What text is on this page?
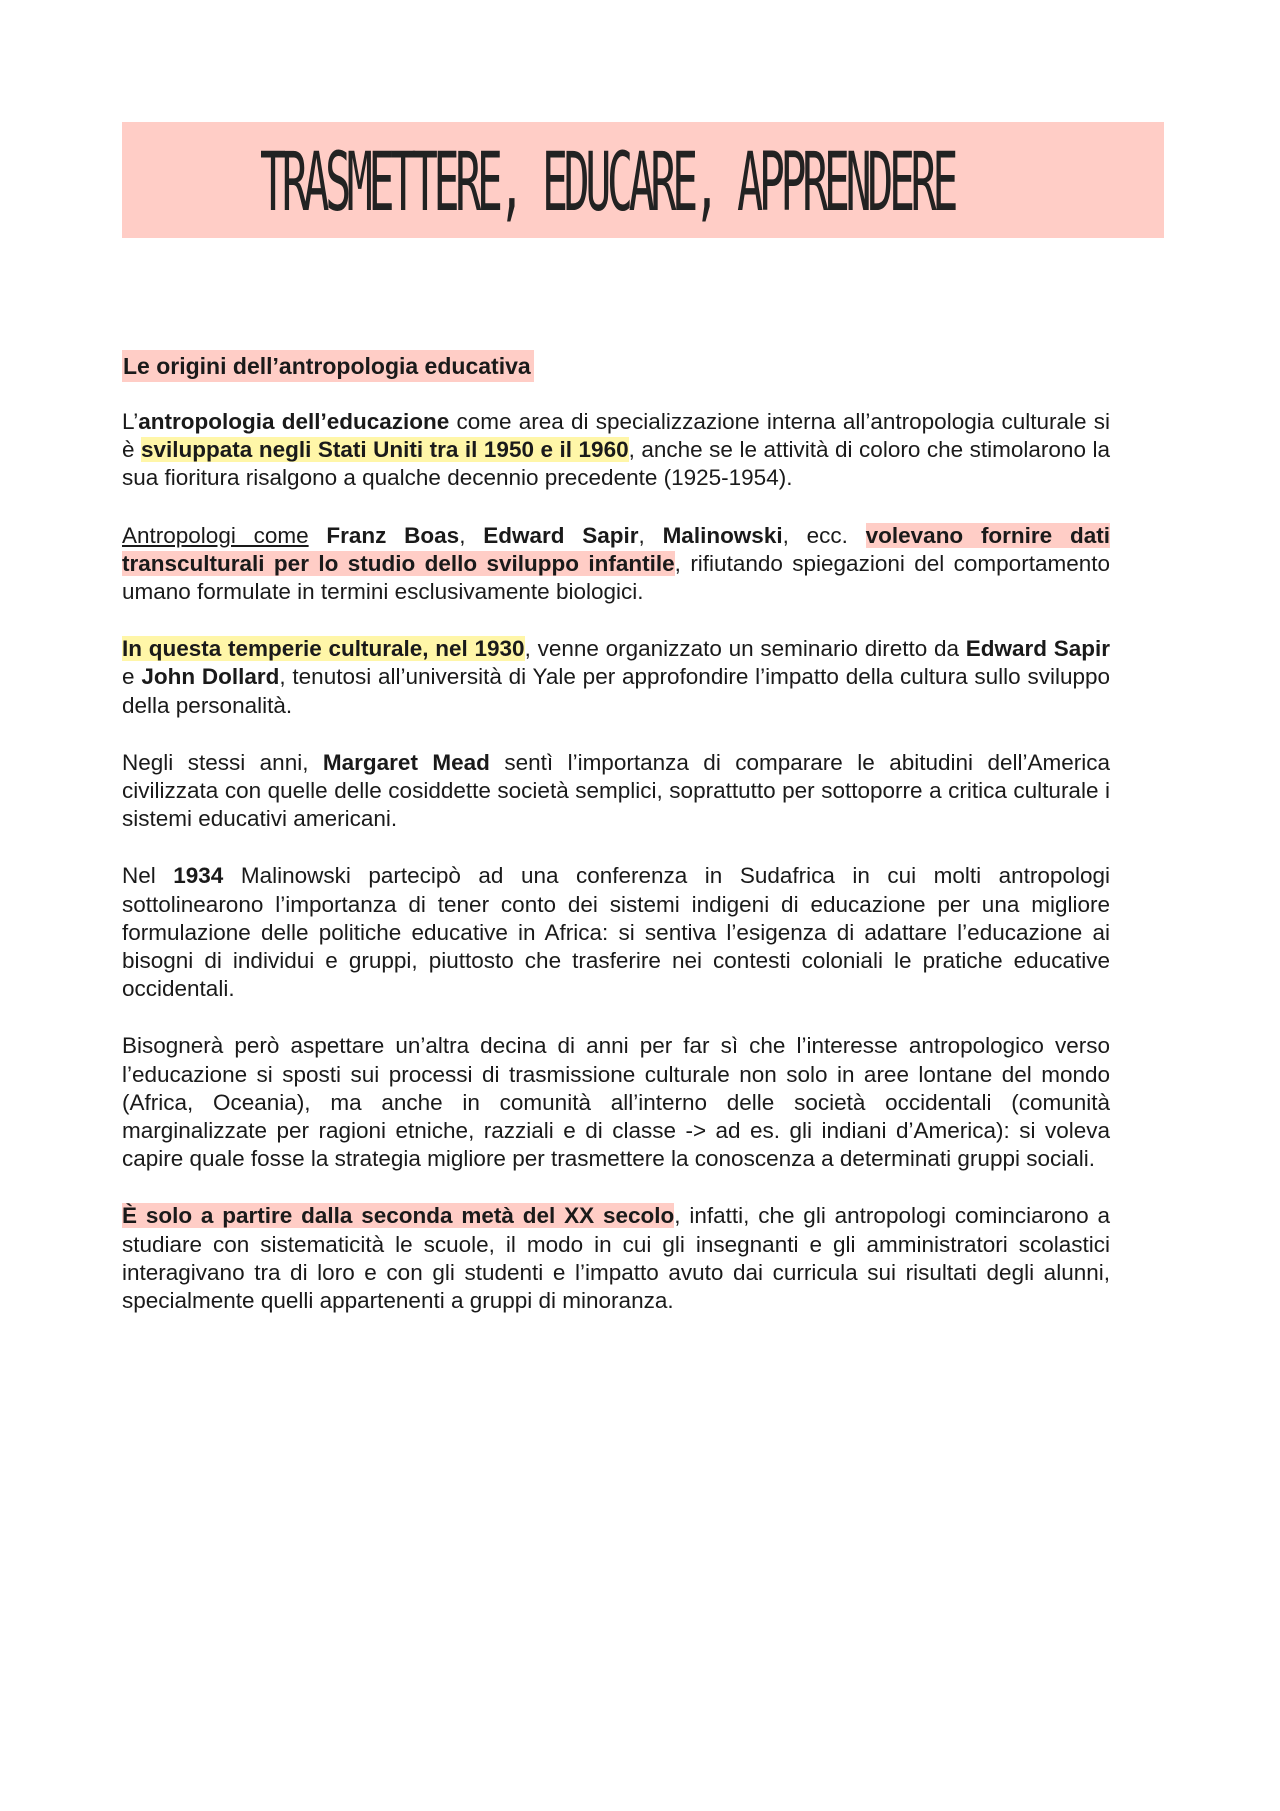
TRASMETTERE, EDUCARE, APPRENDERE
Le origini dell’antropologia educativa

L’antropologia dell’educazione come area di specializzazione interna all’antropologia culturale si è sviluppata negli Stati Uniti tra il 1950 e il 1960, anche se le attività di coloro che stimolarono la sua fioritura risalgono a qualche decennio precedente (1925-1954).

Antropologi come Franz Boas, Edward Sapir, Malinowski, ecc. volevano fornire dati transculturali per lo studio dello sviluppo infantile, rifiutando spiegazioni del comportamento umano formulate in termini esclusivamente biologici.

In questa temperie culturale, nel 1930, venne organizzato un seminario diretto da Edward Sapir e John Dollard, tenutosi all’università di Yale per approfondire l’impatto della cultura sullo sviluppo della personalità.

Negli stessi anni, Margaret Mead sentì l’importanza di comparare le abitudini dell’America civilizzata con quelle delle cosiddette società semplici, soprattutto per sottoporre a critica culturale i sistemi educativi americani.

Nel 1934 Malinowski partecipò ad una conferenza in Sudafrica in cui molti antropologi sottolinearono l’importanza di tener conto dei sistemi indigeni di educazione per una migliore formulazione delle politiche educative in Africa: si sentiva l’esigenza di adattare l’educazione ai bisogni di individui e gruppi, piuttosto che trasferire nei contesti coloniali le pratiche educative occidentali.

Bisognerà però aspettare un’altra decina di anni per far sì che l’interesse antropologico verso l’educazione si sposti sui processi di trasmissione culturale non solo in aree lontane del mondo (Africa, Oceania), ma anche in comunità all’interno delle società occidentali (comunità marginalizzate per ragioni etniche, razziali e di classe -> ad es. gli indiani d’America): si voleva capire quale fosse la strategia migliore per trasmettere la conoscenza a determinati gruppi sociali.

È solo a partire dalla seconda metà del XX secolo, infatti, che gli antropologi cominciarono a studiare con sistematicità le scuole, il modo in cui gli insegnanti e gli amministratori scolastici interagivano tra di loro e con gli studenti e l’impatto avuto dai curricula sui risultati degli alunni, specialmente quelli appartenenti a gruppi di minoranza.
